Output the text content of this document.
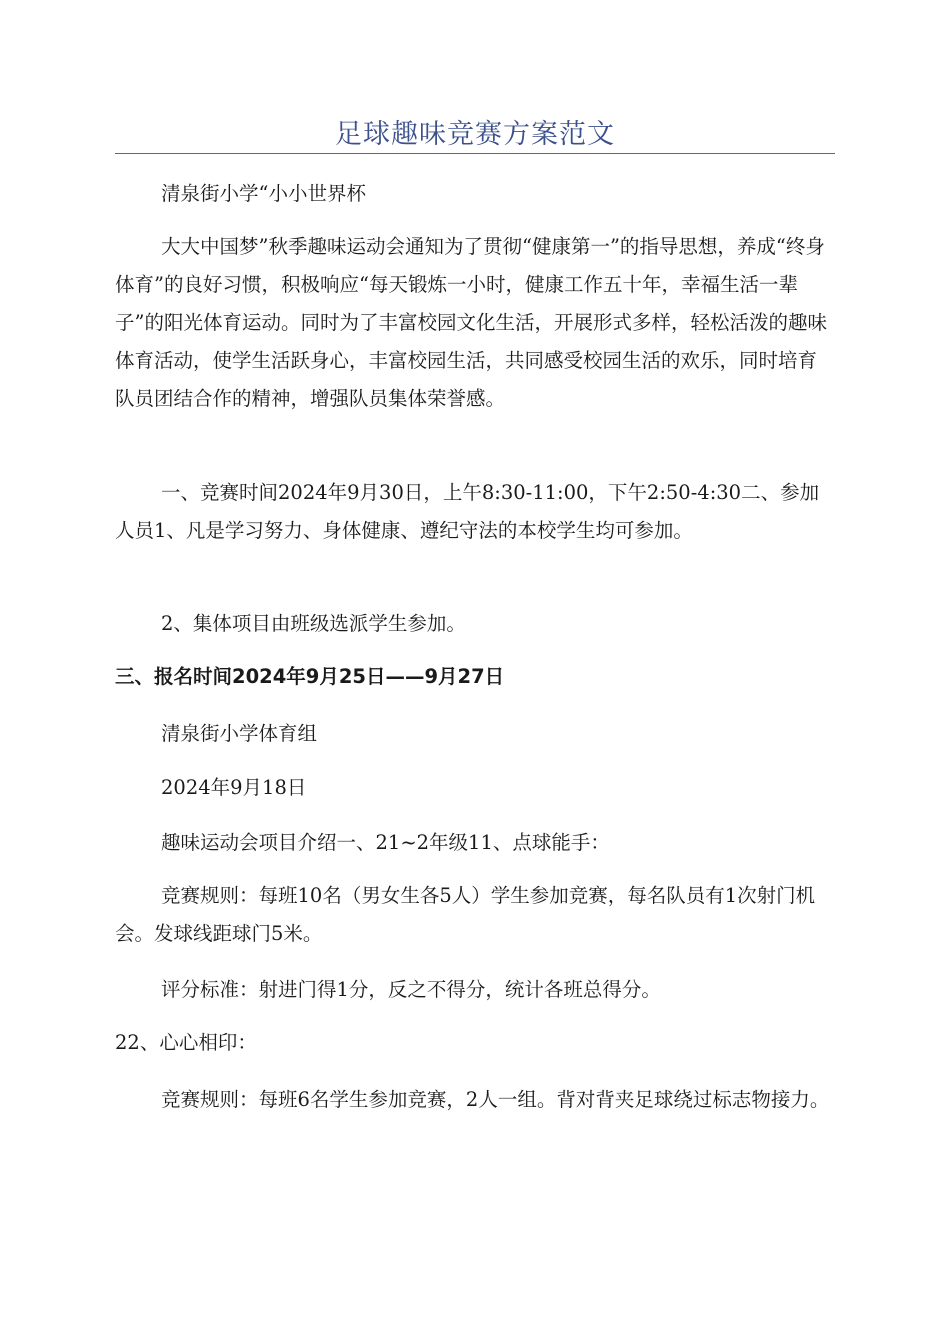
足球趣味竞赛方案范文

清泉街小学“小小世界杯

大大中国梦”秋季趣味运动会通知为了贯彻“健康第一”的指导思想，养成“终身体育”的良好习惯，积极响应“每天锻炼一小时，健康工作五十年，幸福生活一辈子”的阳光体育运动。同时为了丰富校园文化生活，开展形式多样，轻松活泼的趣味体育活动，使学生活跃身心，丰富校园生活，共同感受校园生活的欢乐，同时培育队员团结合作的精神，增强队员集体荣誉感。

一、竞赛时间2024年9月30日，上午8:30-11:00，下午2:50-4:30二、参加人员1、凡是学习努力、身体健康、遵纪守法的本校学生均可参加。

2、集体项目由班级选派学生参加。

三、报名时间2024年9月25日——9月27日

清泉街小学体育组

2024年9月18日

趣味运动会项目介绍一、21~2年级11、点球能手：

竞赛规则：每班10名（男女生各5人）学生参加竞赛，每名队员有1次射门机会。发球线距球门5米。

评分标准：射进门得1分，反之不得分，统计各班总得分。

22、心心相印：

竞赛规则：每班6名学生参加竞赛，2人一组。背对背夹足球绕过标志物接力。
